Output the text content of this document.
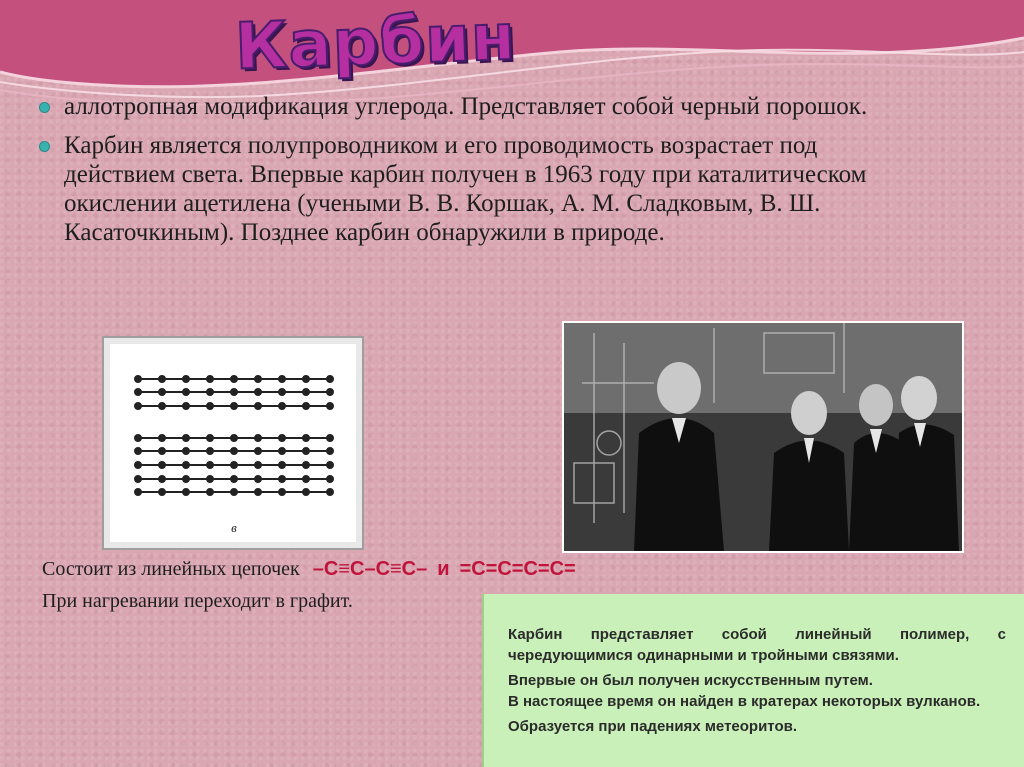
Карбин
аллотропная модификация углерода. Представляет собой черный порошок.
Карбин является полупроводником и его проводимость возрастает под действием света. Впервые карбин получен в 1963 году при каталитическом окислении ацетилена (учеными В. В. Коршак, А. М. Сладковым, В. Ш. Касаточкиным). Позднее карбин обнаружили в природе.
в
Состоит из линейных цепочек –C≡C–C≡C– и =C=C=C=C=
При нагревании переходит в графит.

Карбин представляет собой линейный полимер, с чередующимися одинарными и тройными связями.

Впервые он был получен искусственным путем.

В настоящее время он найден в кратерах некоторых вулканов.

Образуется при падениях метеоритов.
